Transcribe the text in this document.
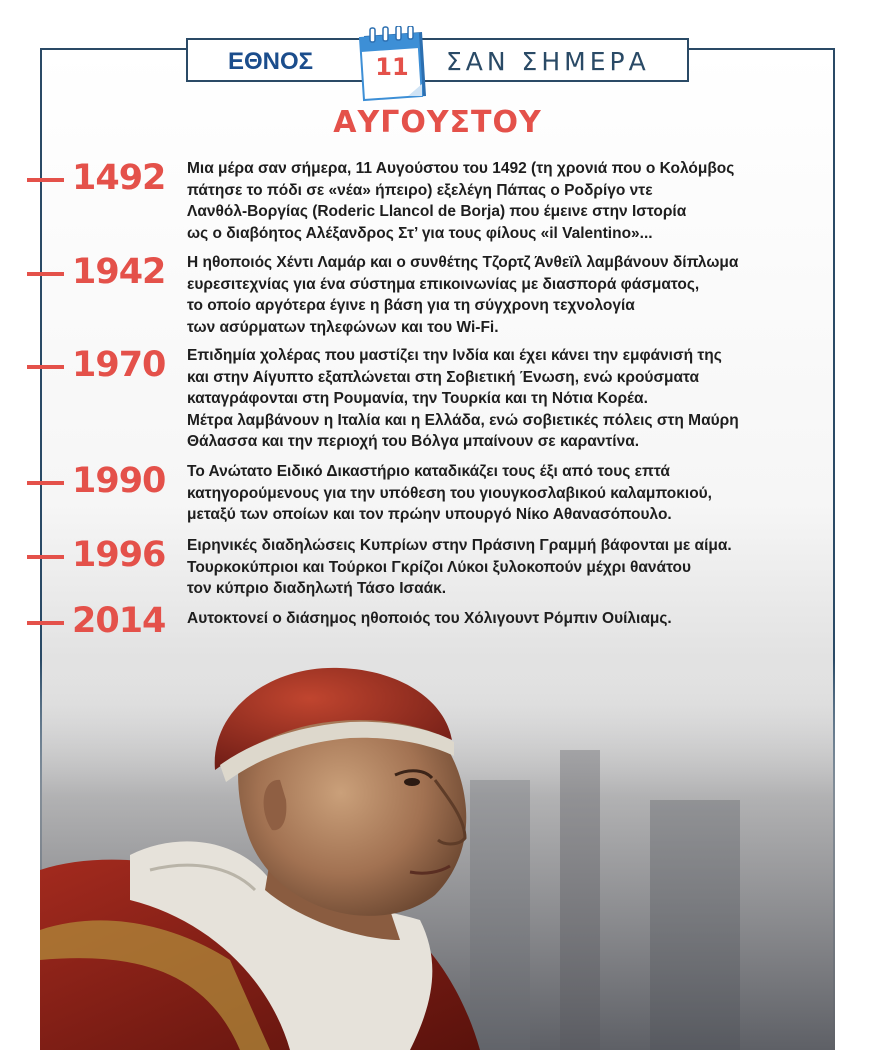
ΕΘΝΟΣ	ΣΑΝ ΣΗΜΕΡΑ
11
ΑΥΓΟΥΣΤΟΥ
1492	Μια μέρα σαν σήμερα, 11 Αυγούστου του 1492 (τη χρονιά που ο Κολόμβος
πάτησε το πόδι σε «νέα» ήπειρο) εξελέγη Πάπας ο Ροδρίγο ντε
Λανθόλ-Βοργίας (Roderic Llancol de Borja) που έμεινε στην Ιστορία
ως ο διαβόητος Αλέξανδρος Στ’ για τους φίλους «il Valentino»...
1942	Η ηθοποιός Χέντι Λαμάρ και ο συνθέτης Τζορτζ Άνθεϊλ λαμβάνουν δίπλωμα
ευρεσιτεχνίας για ένα σύστημα επικοινωνίας με διασπορά φάσματος,
το οποίο αργότερα έγινε η βάση για τη σύγχρονη τεχνολογία
των ασύρματων τηλεφώνων και του Wi-Fi.
1970	Επιδημία χολέρας που μαστίζει την Ινδία και έχει κάνει την εμφάνισή της
και στην Αίγυπτο εξαπλώνεται στη Σοβιετική Ένωση, ενώ κρούσματα
καταγράφονται στη Ρουμανία, την Τουρκία και τη Νότια Κορέα.
Μέτρα λαμβάνουν η Ιταλία και η Ελλάδα, ενώ σοβιετικές πόλεις στη Μαύρη
Θάλασσα και την περιοχή του Βόλγα μπαίνουν σε καραντίνα.
1990	Το Ανώτατο Ειδικό Δικαστήριο καταδικάζει τους έξι από τους επτά
κατηγορούμενους για την υπόθεση του γιουγκοσλαβικού καλαμποκιού,
μεταξύ των οποίων και τον πρώην υπουργό Νίκο Αθανασόπουλο.
1996	Ειρηνικές διαδηλώσεις Κυπρίων στην Πράσινη Γραμμή βάφονται με αίμα.
Τουρκοκύπριοι και Τούρκοι Γκρίζοι Λύκοι ξυλοκοπούν μέχρι θανάτου
τον κύπριο διαδηλωτή Τάσο Ισαάκ.
2014	Αυτοκτονεί ο διάσημος ηθοποιός του Χόλιγουντ Ρόμπιν Ουίλιαμς.
